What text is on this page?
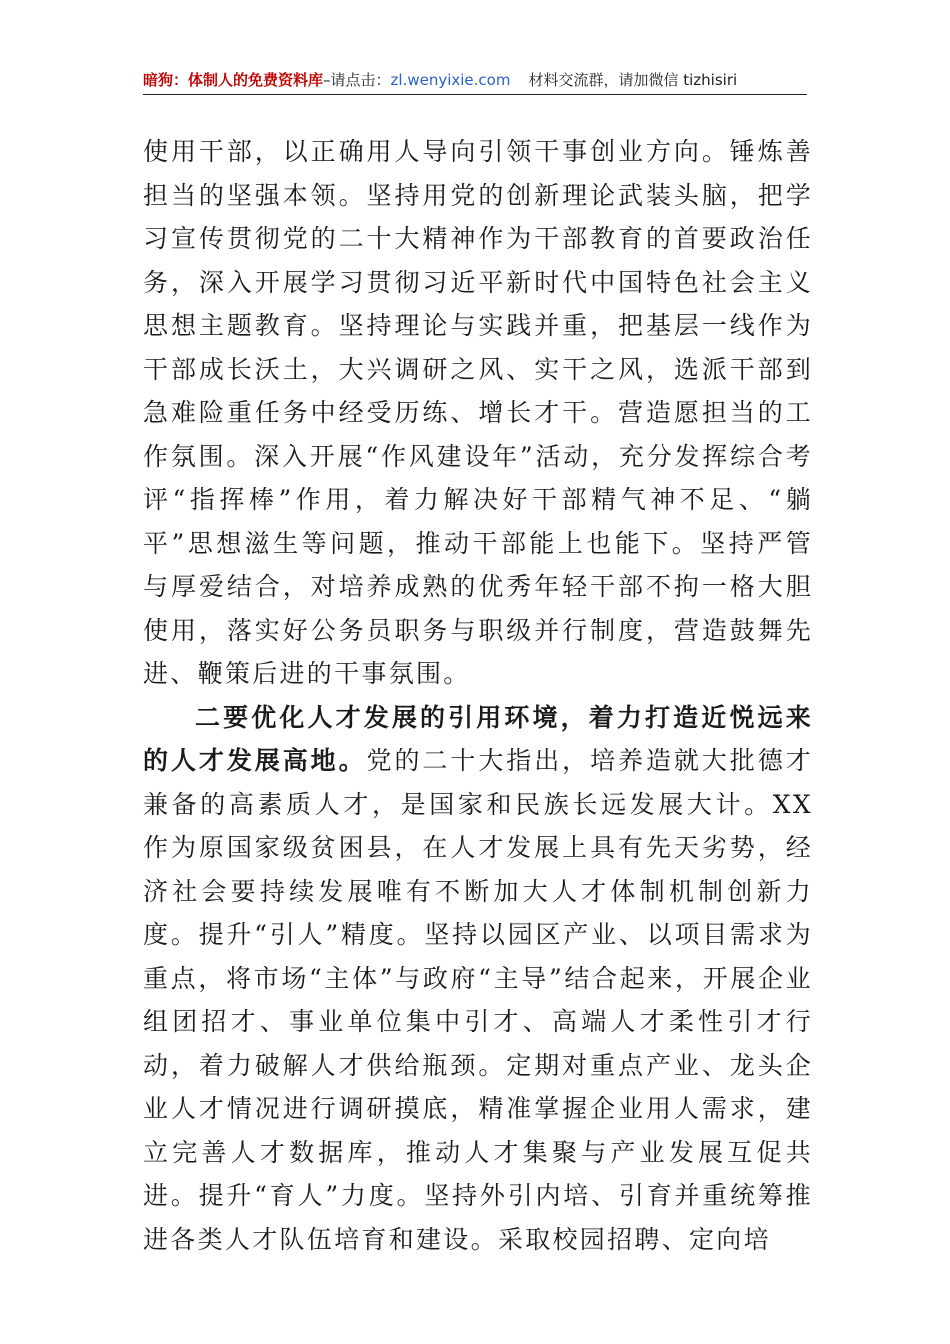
暗狗：体制人的免费资料库–请点击：zl.wenyixie.com 材料交流群，请加微信 tizhisiri

使用干部，以正确用人导向引领干事创业方向。锤炼善担当的坚强本领。坚持用党的创新理论武装头脑，把学习宣传贯彻党的二十大精神作为干部教育的首要政治任务，深入开展学习贯彻习近平新时代中国特色社会主义思想主题教育。坚持理论与实践并重，把基层一线作为干部成长沃土，大兴调研之风、实干之风，选派干部到急难险重任务中经受历练、增长才干。营造愿担当的工作氛围。深入开展“作风建设年”活动，充分发挥综合考评“指挥棒”作用，着力解决好干部精气神不足、“躺平”思想滋生等问题，推动干部能上也能下。坚持严管与厚爱结合，对培养成熟的优秀年轻干部不拘一格大胆使用，落实好公务员职务与职级并行制度，营造鼓舞先进、鞭策后进的干事氛围。

二要优化人才发展的引用环境，着力打造近悦远来的人才发展高地。党的二十大指出，培养造就大批德才兼备的高素质人才，是国家和民族长远发展大计。XX 作为原国家级贫困县，在人才发展上具有先天劣势，经济社会要持续发展唯有不断加大人才体制机制创新力度。提升“引人”精度。坚持以园区产业、以项目需求为重点，将市场“主体”与政府“主导”结合起来，开展企业组团招才、事业单位集中引才、高端人才柔性引才行动，着力破解人才供给瓶颈。定期对重点产业、龙头企业人才情况进行调研摸底，精准掌握企业用人需求，建立完善人才数据库，推动人才集聚与产业发展互促共进。提升“育人”力度。坚持外引内培、引育并重统筹推进各类人才队伍培育和建设。采取校园招聘、定向培
